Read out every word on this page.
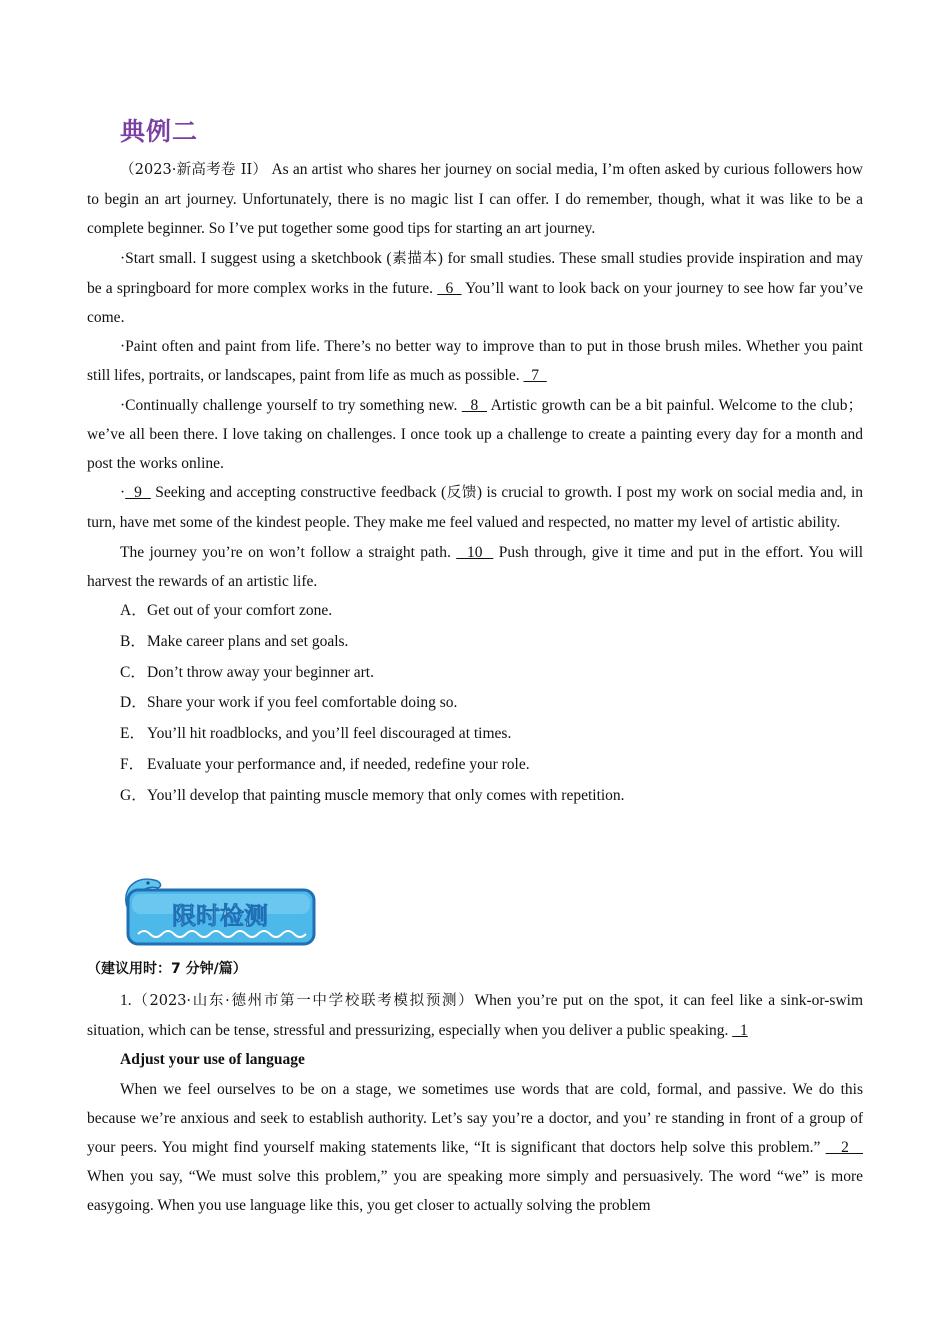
典例二

（2023·新高考卷 II） As an artist who shares her journey on social media, I’m often asked by curious followers how to begin an art journey. Unfortunately, there is no magic list I can offer. I do remember, though, what it was like to be a complete beginner. So I’ve put together some good tips for starting an art journey.

·Start small. I suggest using a sketchbook (素描本) for small studies. These small studies provide inspiration and may be a springboard for more complex works in the future.   6   You’ll want to look back on your journey to see how far you’ve come.

·Paint often and paint from life. There’s no better way to improve than to put in those brush miles. Whether you paint still lifes, portraits, or landscapes, paint from life as much as possible.   7

·Continually challenge yourself to try something new.   8   Artistic growth can be a bit painful. Welcome to the club；we’ve all been there. I love taking on challenges. I once took up a challenge to create a painting every day for a month and post the works online.

·  9   Seeking and accepting constructive feedback (反馈) is crucial to growth. I post my work on social media and, in turn, have met some of the kindest people. They make me feel valued and respected, no matter my level of artistic ability.

The journey you’re on won’t follow a straight path.   10   Push through, give it time and put in the effort. You will harvest the rewards of an artistic life.

A．Get out of your comfort zone.
B．Make career plans and set goals.
C．Don’t throw away your beginner art.
D．Share your work if you feel comfortable doing so.
E． You’ll hit roadblocks, and you’ll feel discouraged at times.
F． Evaluate your performance and, if needed, redefine your role.
G．You’ll develop that painting muscle memory that only comes with repetition.
限时检测
（建议用时：7 分钟/篇）

1.（2023·山东·德州市第一中学校联考模拟预测）When you’re put on the spot, it can feel like a sink-or-swim situation, which can be tense, stressful and pressurizing, especially when you deliver a public speaking.   1

Adjust your use of language

When we feel ourselves to be on a stage, we sometimes use words that are cold, formal, and passive. We do this because we’re anxious and seek to establish authority. Let’s say you’re a doctor, and you’ re standing in front of a group of your peers. You might find yourself making statements like, “It is significant that doctors help solve this problem.”    2    When you say, “We must solve this problem,” you are speaking more simply and persuasively. The word “we” is more easygoing. When you use language like this, you get closer to actually solving the problem
